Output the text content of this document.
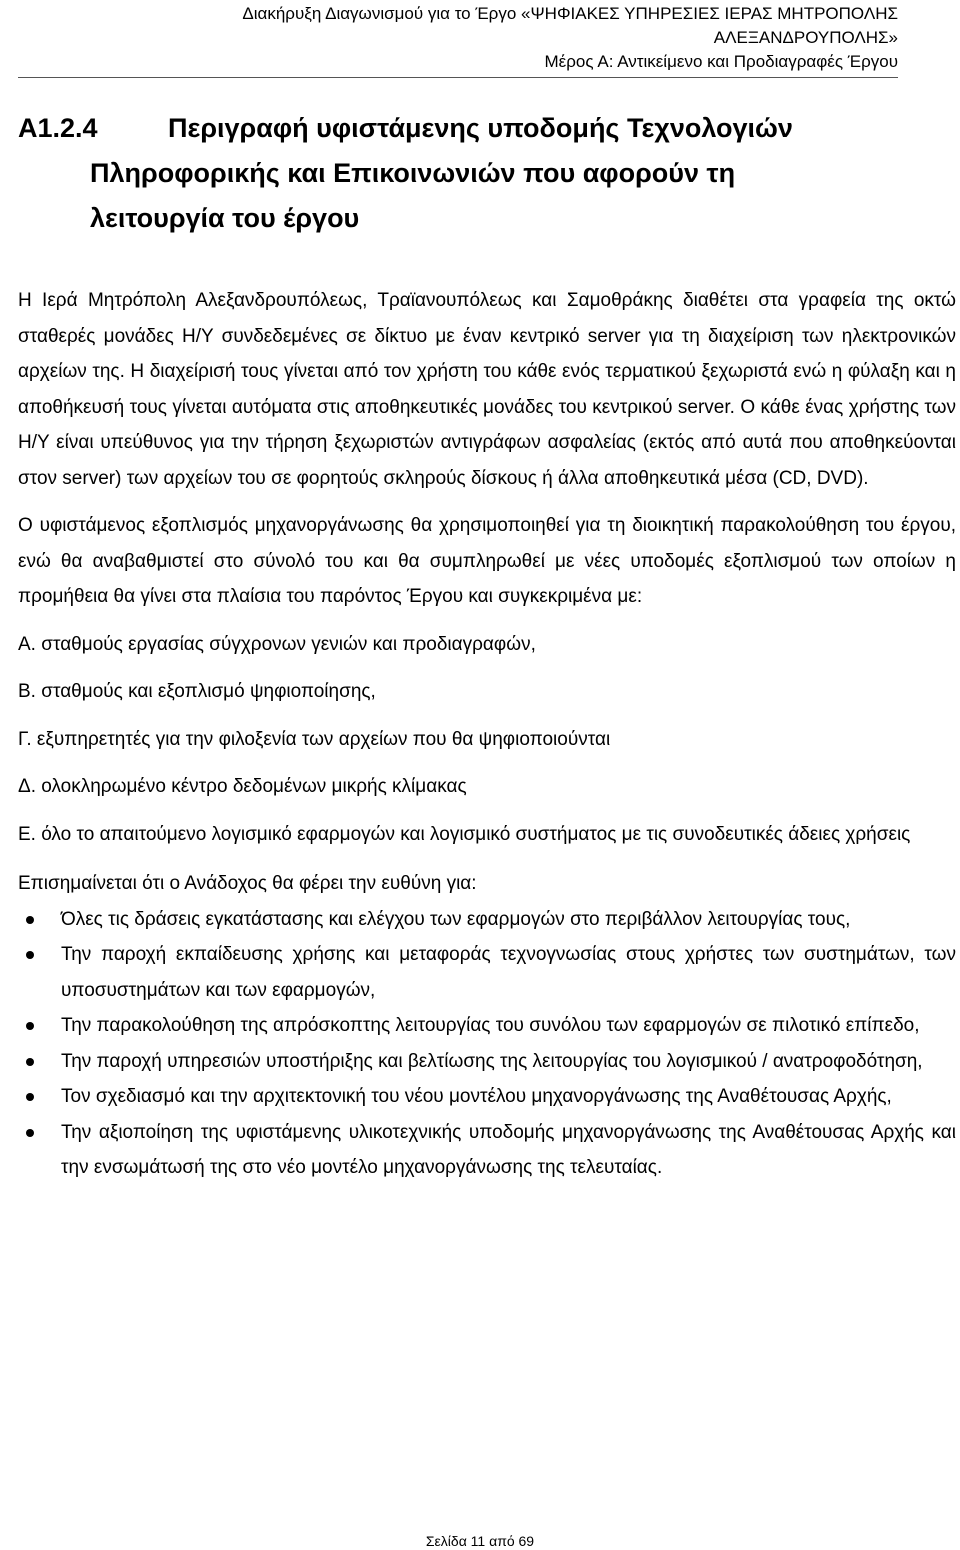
Διακήρυξη Διαγωνισμού για το Έργο «ΨΗΦΙΑΚΕΣ ΥΠΗΡΕΣΙΕΣ ΙΕΡΑΣ ΜΗΤΡΟΠΟΛΗΣ
ΑΛΕΞΑΝΔΡΟΥΠΟΛΗΣ»
Μέρος Α: Αντικείμενο και Προδιαγραφές Έργου
Α1.2.4	Περιγραφή υφιστάμενης υποδομής Τεχνολογιών
Πληροφορικής και Επικοινωνιών που αφορούν τη
λειτουργία του έργου

Η Ιερά Μητρόπολη Αλεξανδρουπόλεως, Τραϊανουπόλεως και Σαμοθράκης διαθέτει στα γραφεία της οκτώ σταθερές μονάδες Η/Υ συνδεδεμένες σε δίκτυο με έναν κεντρικό server για τη διαχείριση των ηλεκτρονικών αρχείων της. Η διαχείρισή τους γίνεται από τον χρήστη του κάθε ενός τερματικού ξεχωριστά ενώ η φύλαξη και η αποθήκευσή τους γίνεται αυτόματα στις αποθηκευτικές μονάδες του κεντρικού server. Ο κάθε ένας χρήστης των Η/Υ είναι υπεύθυνος για την τήρηση ξεχωριστών αντιγράφων ασφαλείας (εκτός από αυτά που αποθηκεύονται στον server) των αρχείων του σε φορητούς σκληρούς δίσκους ή άλλα αποθηκευτικά μέσα (CD, DVD).

Ο υφιστάμενος εξοπλισμός μηχανοργάνωσης θα χρησιμοποιηθεί για τη διοικητική παρακολούθηση του έργου, ενώ θα αναβαθμιστεί στο σύνολό του και θα συμπληρωθεί με νέες υποδομές εξοπλισμού των οποίων η προμήθεια θα γίνει στα πλαίσια του παρόντος Έργου και συγκεκριμένα με:

Α. σταθμούς εργασίας σύγχρονων γενιών και προδιαγραφών,

Β. σταθμούς και εξοπλισμό ψηφιοποίησης,

Γ. εξυπηρετητές για την φιλοξενία των αρχείων που θα ψηφιοποιούνται

Δ. ολοκληρωμένο κέντρο δεδομένων μικρής κλίμακας

Ε. όλο το απαιτούμενο λογισμικό εφαρμογών και λογισμικό συστήματος με τις συνοδευτικές άδειες χρήσεις

Επισημαίνεται ότι ο Ανάδοχος θα φέρει την ευθύνη για:

Όλες τις δράσεις εγκατάστασης και ελέγχου των εφαρμογών στο περιβάλλον λειτουργίας τους,
Την παροχή εκπαίδευσης χρήσης και μεταφοράς τεχνογνωσίας στους χρήστες των συστημάτων, των υποσυστημάτων και των εφαρμογών,
Την παρακολούθηση της απρόσκοπτης λειτουργίας του συνόλου των εφαρμογών σε πιλοτικό επίπεδο,
Την παροχή υπηρεσιών υποστήριξης και βελτίωσης της λειτουργίας του λογισμικού / ανατροφοδότηση,
Τον σχεδιασμό και την αρχιτεκτονική του νέου μοντέλου μηχανοργάνωσης της Αναθέτουσας Αρχής,
Την αξιοποίηση της υφιστάμενης υλικοτεχνικής υποδομής μηχανοργάνωσης της Αναθέτουσας Αρχής και την ενσωμάτωσή της στο νέο μοντέλο μηχανοργάνωσης της τελευταίας.
Σελίδα 11 από 69
